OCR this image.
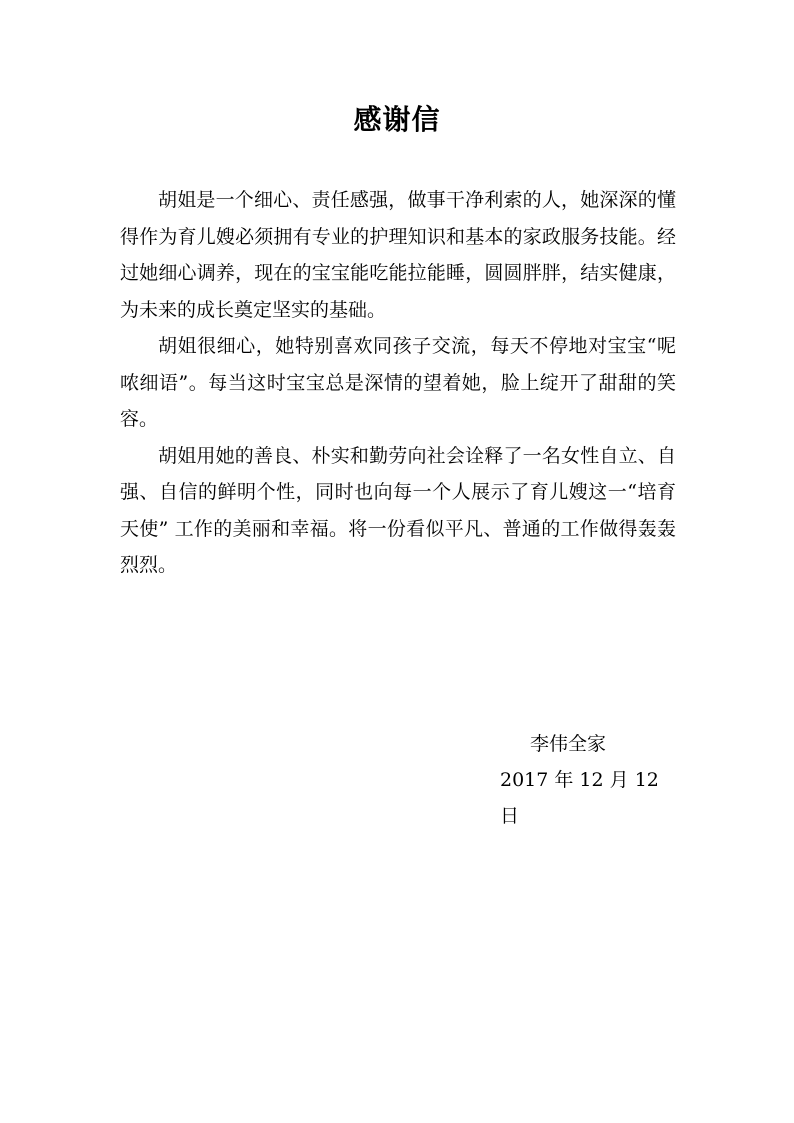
感谢信

胡姐是一个细心、责任感强，做事干净利索的人，她深深的懂得作为育儿嫂必须拥有专业的护理知识和基本的家政服务技能。经过她细心调养，现在的宝宝能吃能拉能睡，圆圆胖胖，结实健康，为未来的成长奠定坚实的基础。

胡姐很细心，她特别喜欢同孩子交流，每天不停地对宝宝“呢哝细语”。每当这时宝宝总是深情的望着她，脸上绽开了甜甜的笑容。

胡姐用她的善良、朴实和勤劳向社会诠释了一名女性自立、自强、自信的鲜明个性，同时也向每一个人展示了育儿嫂这一“培育天使” 工作的美丽和幸福。将一份看似平凡、普通的工作做得轰轰烈烈。

李伟全家
2017 年 12 月 12 日
